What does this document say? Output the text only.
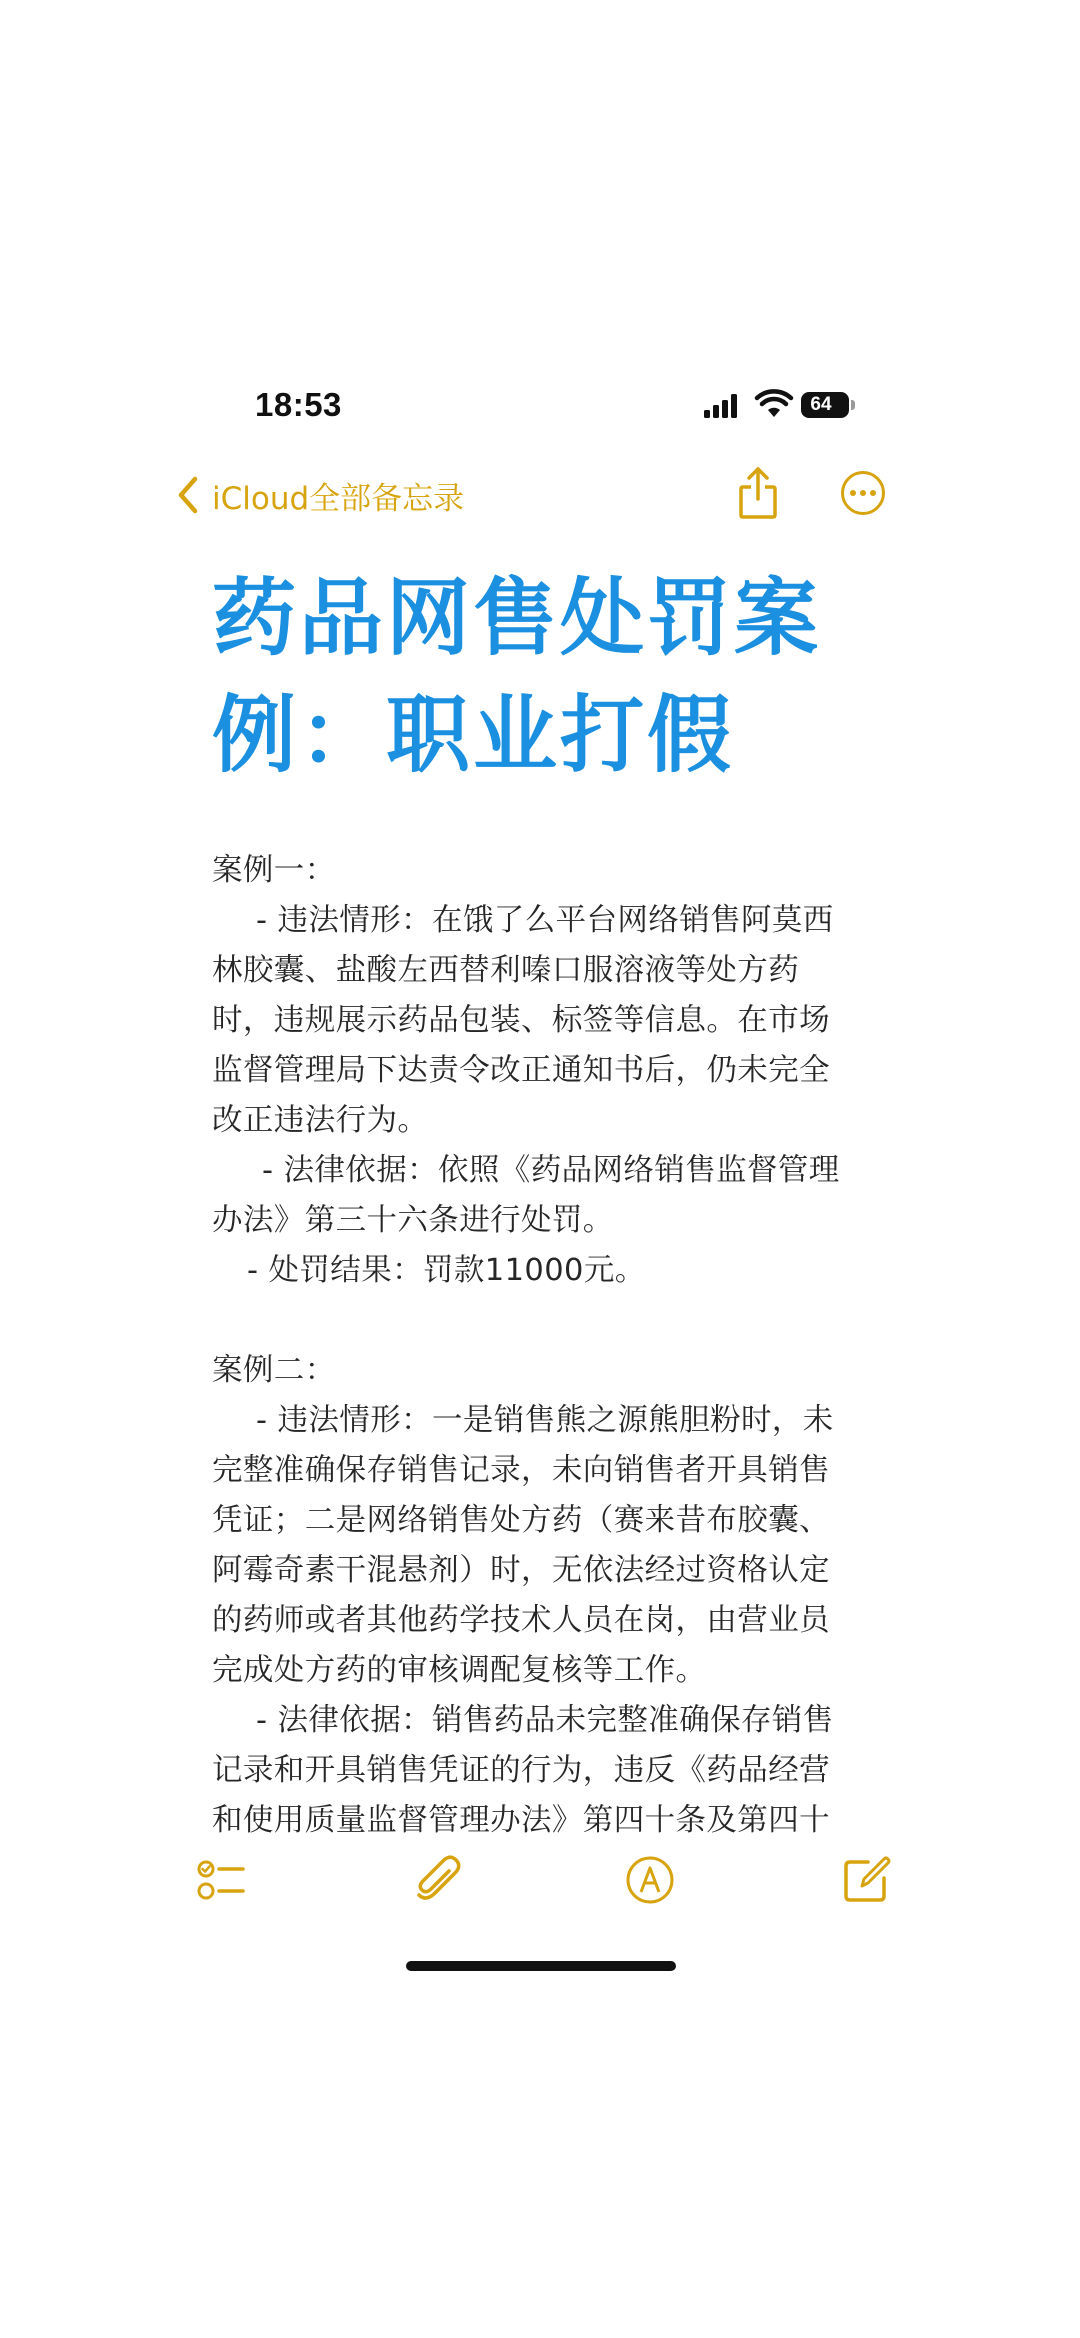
18:53	64
iCloud全部备忘录
药品网售处罚案例：职业打假
案例一：
- 违法情形：在饿了么平台网络销售阿莫西
林胶囊、盐酸左西替利嗪口服溶液等处方药
时，违规展示药品包装、标签等信息。在市场
监督管理局下达责令改正通知书后，仍未完全
改正违法行为。
- 法律依据：依照《药品网络销售监督管理
办法》第三十六条进行处罚。
- 处罚结果：罚款11000元。
案例二：
- 违法情形：一是销售熊之源熊胆粉时，未
完整准确保存销售记录，未向销售者开具销售
凭证；二是网络销售处方药（赛来昔布胶囊、
阿霉奇素干混悬剂）时，无依法经过资格认定
的药师或者其他药学技术人员在岗，由营业员
完成处方药的审核调配复核等工作。
- 法律依据：销售药品未完整准确保存销售
记录和开具销售凭证的行为，违反《药品经营
和使用质量监督管理办法》第四十条及第四十
